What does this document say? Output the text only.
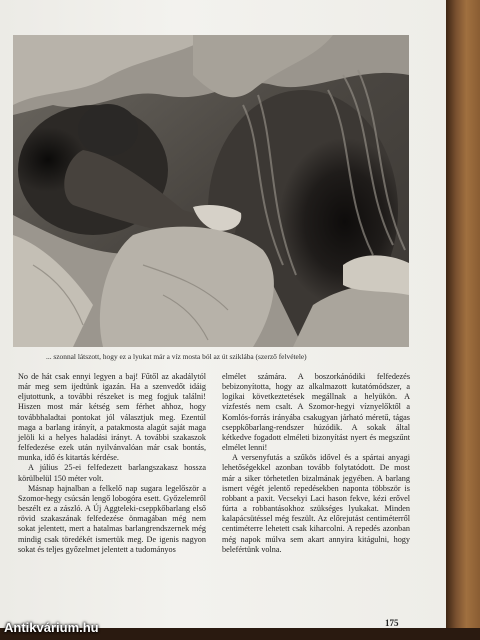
... szonnal látszott, hogy ez a lyukat már a víz mosta ból az út sziklába (szerző felvétele)

No de hát csak ennyi legyen a baj! Fűtől az akadálytól már meg sem ijedtünk igazán. Ha a szenvedőt idáig eljutottunk, a további részeket is meg fogjuk találni! Hiszen most már kétség sem férhet ahhoz, hogy továbbhaladtai pontokat jól választjuk meg. Ezentúl maga a barlang irányít, a patakmosta alagút saját maga jelöli ki a helyes haladási irányt. A további szakaszok felfedezése ezek után nyilvánvalóan már csak bontás, munka, idő és kitartás kérdése.

A július 25-ei felfedezett barlangszakasz hossza körülbelül 150 méter volt.

Másnap hajnalban a felkelő nap sugara legelőször a Szomor-hegy csúcsán lengő lobogóra esett. Győzelemről beszélt ez a zászló. A Új Aggteleki-cseppkőbarlang első rövid szakaszának felfedezése önmagában még nem sokat jelentett, mert a hatalmas barlangrendszernek még mindig csak töredékét ismertük meg. De igenis nagyon sokat és teljes győzelmet jelentett a tudományos

elmélet számára. A boszorkánódiki felfedezés bebizonyította, hogy az alkalmazott kutatómódszer, a logikai következtetések megállnak a helyükön. A vízfestés nem csalt. A Szomor-hegyi víznyelőktől a Komlós-forrás irányába csakugyan járható méretű, tágas cseppkőbarlang-rendszer húzódik. A sokak által kétkedve fogadott elméleti bizonyítást nyert és megszűnt elmélet lenni!

A versenyfutás a szűkös idővel és a spártai anyagi lehetőségekkel azonban tovább folytatódott. De most már a siker törhetetlen bizalmának jegyében. A barlang ismert végét jelentő repedésekben naponta többször is robbant a paxit. Vecsekyi Laci hason fekve, kézi erővel fúrta a robbantásokhoz szükséges lyukakat. Minden kalapácsütéssel még feszült. Az előrejutást centiméterről centiméterre lehetett csak kiharcolni. A repedés azonban még napok múlva sem akart annyira kitágulni, hogy belefértünk volna.

175
Antikvárium.hu
